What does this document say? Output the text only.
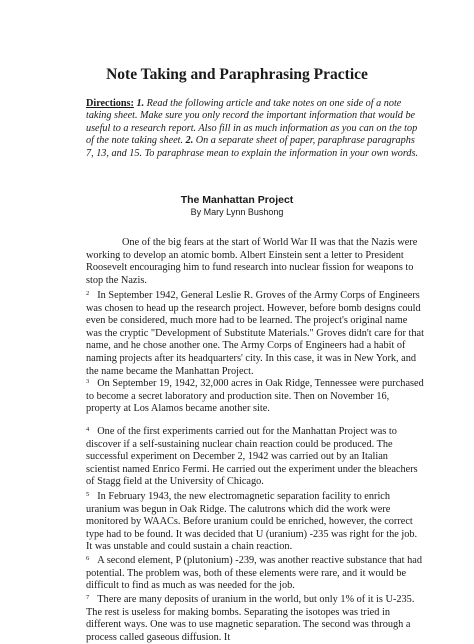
Note Taking and Paraphrasing Practice

Directions: 1. Read the following article and take notes on one side of a note taking sheet. Make sure you only record the important information that would be useful to a research report. Also fill in as much information as you can on the top of the note taking sheet. 2. On a separate sheet of paper, paraphrase paragraphs 7, 13, and 15. To paraphrase mean to explain the information in your own words.

The Manhattan Project
By Mary Lynn Bushong

One of the big fears at the start of World War II was that the Nazis were working to develop an atomic bomb. Albert Einstein sent a letter to President Roosevelt encouraging him to fund research into nuclear fission for weapons to stop the Nazis.

$^2$ In September 1942, General Leslie R. Groves of the Army Corps of Engineers was chosen to head up the research project. However, before bomb designs could even be considered, much more had to be learned. The project's original name was the cryptic "Development of Substitute Materials." Groves didn't care for that name, and he chose another one. The Army Corps of Engineers had a habit of naming projects after its headquarters' city. In this case, it was in New York, and the name became the Manhattan Project.

$^3$ On September 19, 1942, 32,000 acres in Oak Ridge, Tennessee were purchased to become a secret laboratory and production site. Then on November 16, property at Los Alamos became another site.

$^4$ One of the first experiments carried out for the Manhattan Project was to discover if a self-sustaining nuclear chain reaction could be produced. The successful experiment on December 2, 1942 was carried out by an Italian scientist named Enrico Fermi. He carried out the experiment under the bleachers of Stagg field at the University of Chicago.

$^5$ In February 1943, the new electromagnetic separation facility to enrich uranium was begun in Oak Ridge. The calutrons which did the work were monitored by WAACs. Before uranium could be enriched, however, the correct type had to be found. It was decided that U (uranium) -235 was right for the job. It was unstable and could sustain a chain reaction.

$^6$ A second element, P (plutonium) -239, was another reactive substance that had potential. The problem was, both of these elements were rare, and it would be difficult to find as much as was needed for the job.

$^7$ There are many deposits of uranium in the world, but only 1% of it is U-235. The rest is useless for making bombs. Separating the isotopes was tried in different ways. One was to use magnetic separation. The second was through a process called gaseous diffusion. It
